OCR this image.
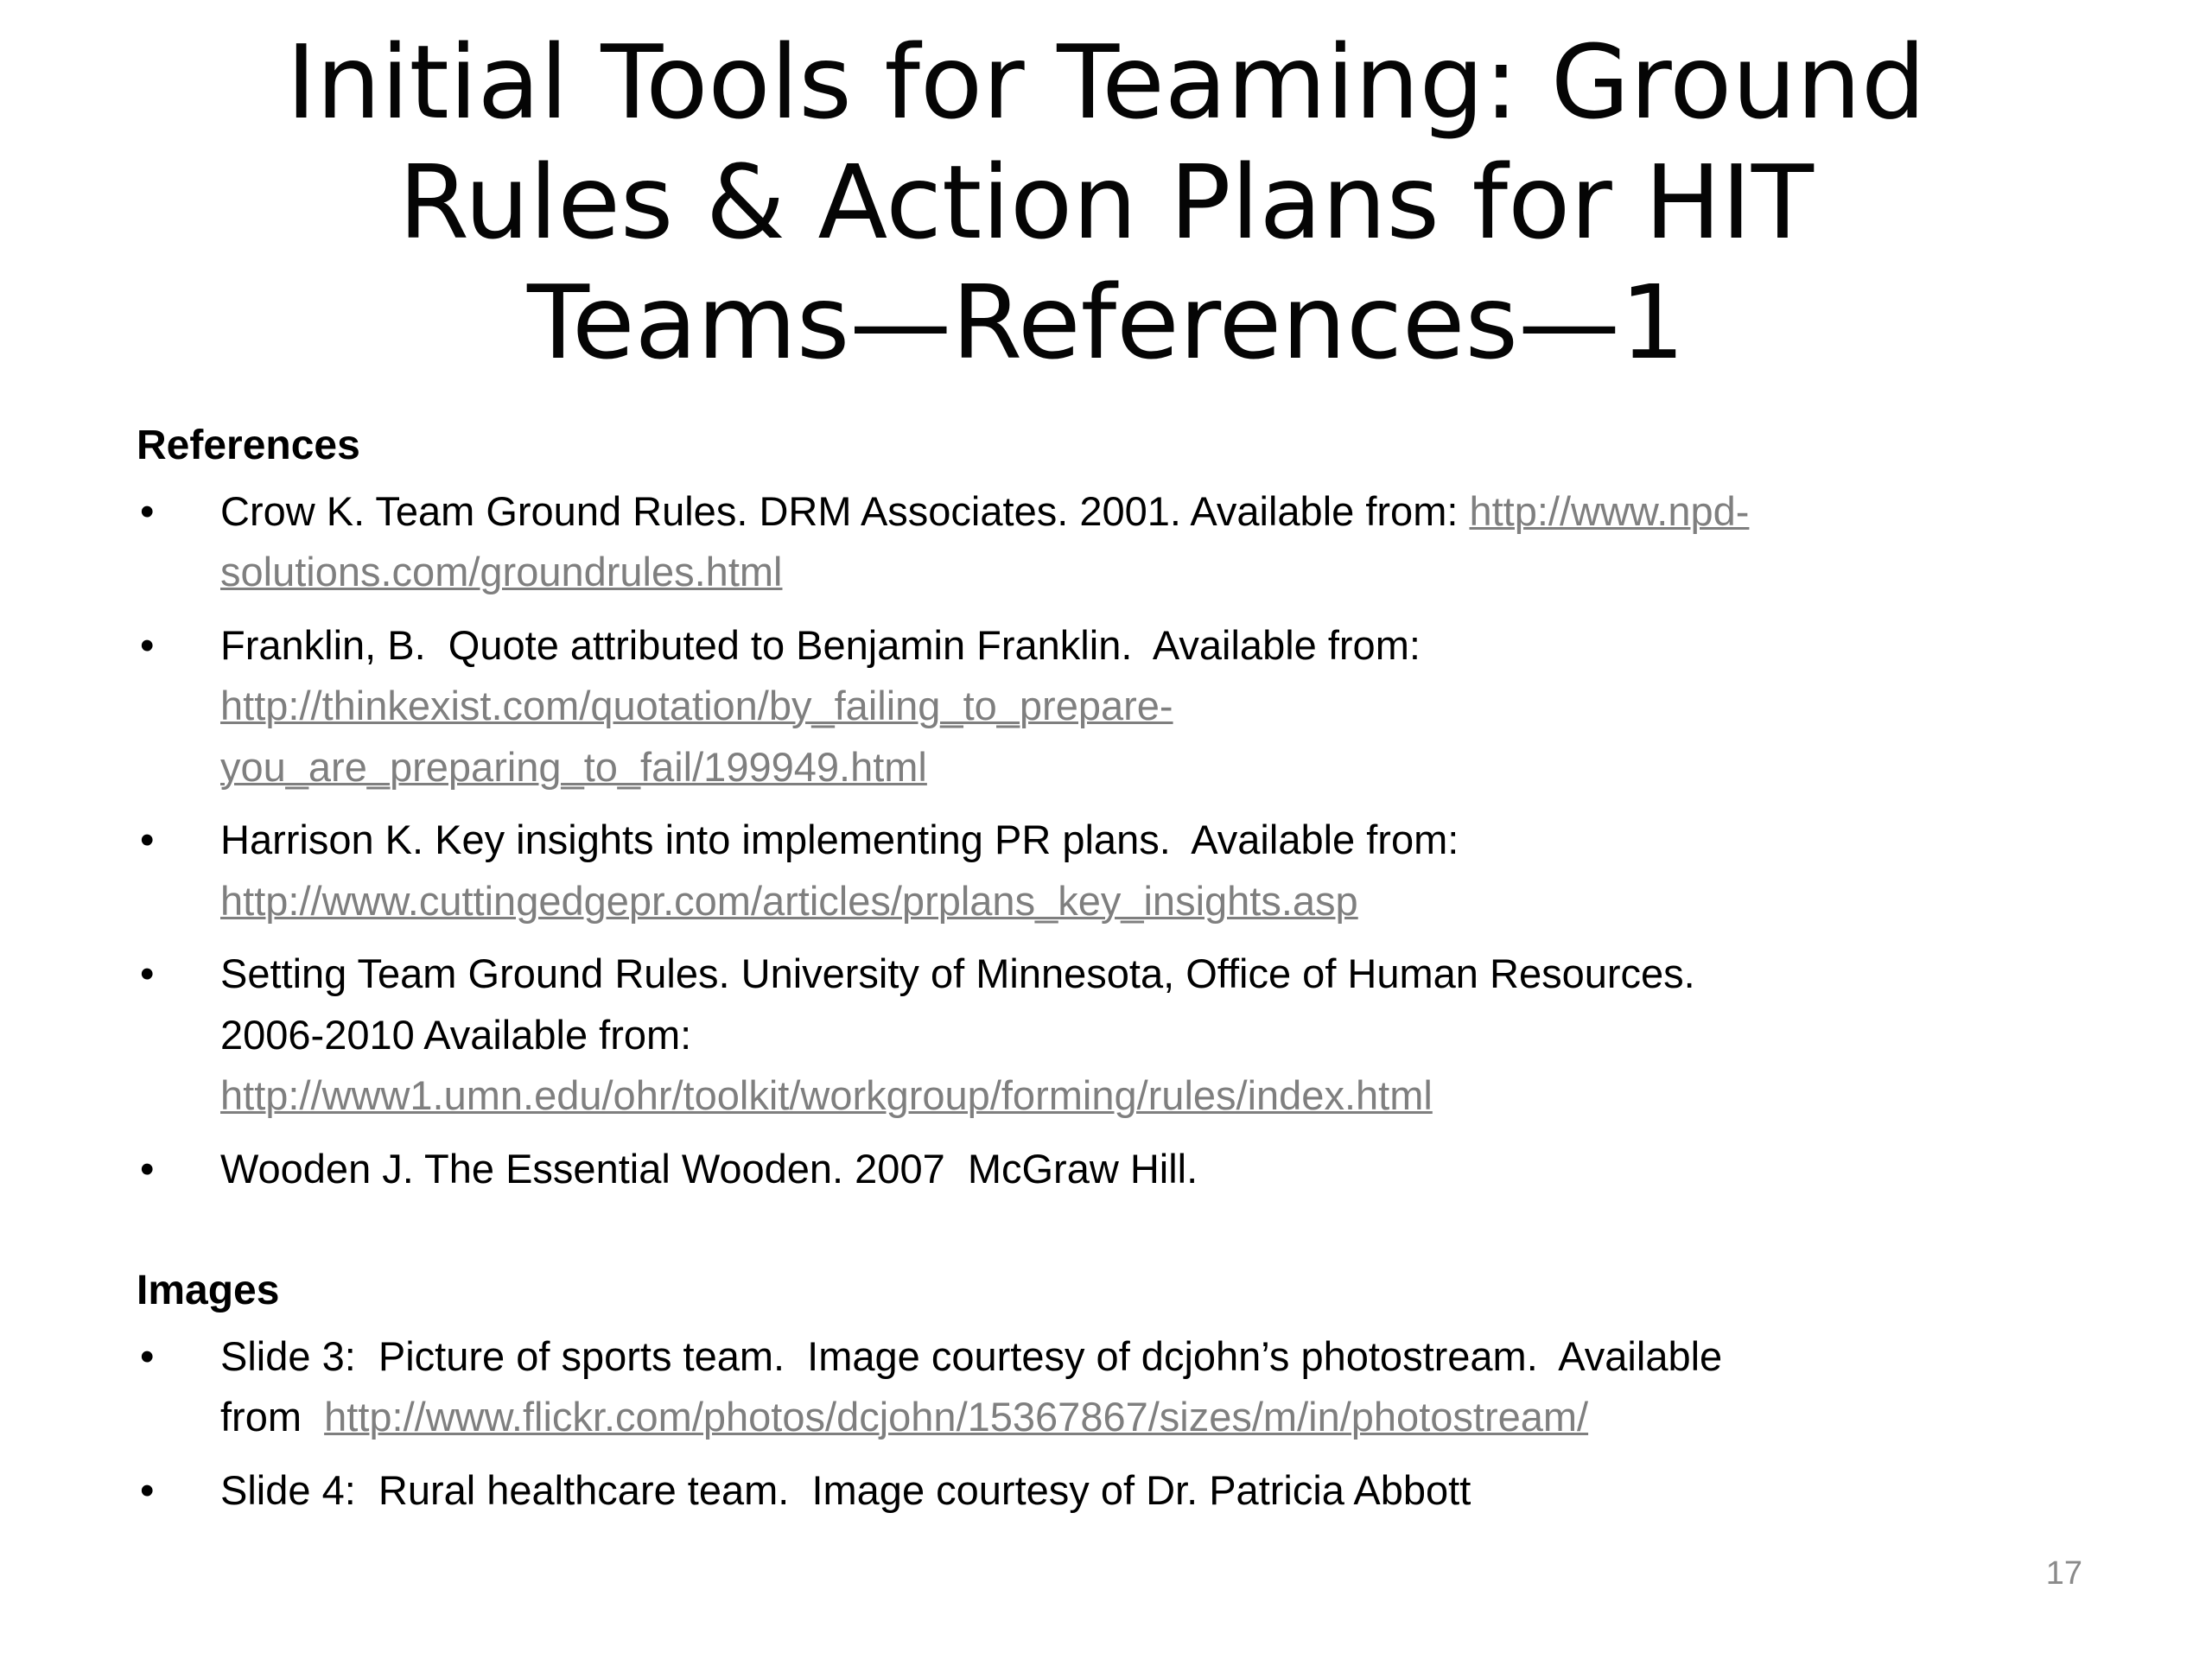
Initial Tools for Teaming: Ground
Rules & Action Plans for HIT
Teams—References—1
References
• Crow K. Team Ground Rules. DRM Associates. 2001. Available from: http://www.npd-
solutions.com/groundrules.html
• Franklin, B.  Quote attributed to Benjamin Franklin.  Available from:
http://thinkexist.com/quotation/by_failing_to_prepare-
you_are_preparing_to_fail/199949.html
• Harrison K. Key insights into implementing PR plans.  Available from:
http://www.cuttingedgepr.com/articles/prplans_key_insights.asp
• Setting Team Ground Rules. University of Minnesota, Office of Human Resources.
2006-2010 Available from:
http://www1.umn.edu/ohr/toolkit/workgroup/forming/rules/index.html
• Wooden J. The Essential Wooden. 2007  McGraw Hill.
Images
• Slide 3:  Picture of sports team.  Image courtesy of dcjohn’s photostream.  Available
from  http://www.flickr.com/photos/dcjohn/15367867/sizes/m/in/photostream/
• Slide 4:  Rural healthcare team.  Image courtesy of Dr. Patricia Abbott
17
